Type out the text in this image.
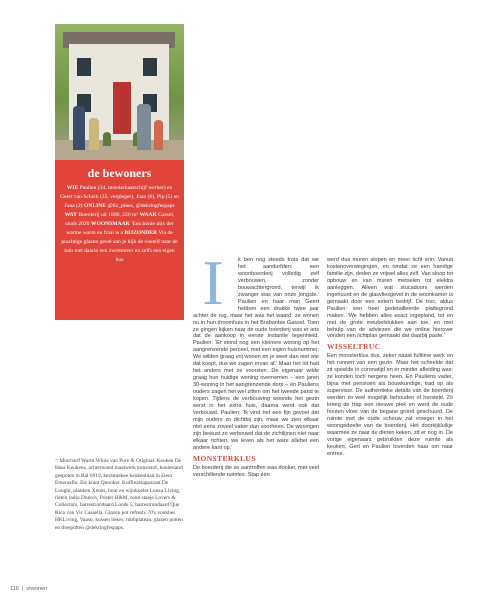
de bewoners

WIE Paulien (34, moederhaarschijf werker) en Geert van Scheik (35, verpleger), Juan (6), Pip (5) en Juna (2) ONLINE @liz_pines, @dekringfespaps WAT Boerderij uit 1890, 220 m² WAAR Gassel, sinds 2020 WOONSMAAK 'Een bonte mix der warme warm en fraai is a BIJZONDER Via de prachtige glazen gevel aan je kijk de voetelf naar de tuin met daarin een zwemmeer en zelfs een eigen bos

< Muurverf Warm White van Pure & Original. Keuken De Haar Keukens, achterwand maatwerk kunststof, koelestand gespoten in Ral 6019, keramiekee keukenblad in kleur Emeraaflo. Ets krant Quooker. Koffiezetapparaat De Longhi, planken Xenos, hout en wijnkoelet Lonza Living, rieten radio Dnnrov, Poster H&M, rond staeje Lovers & Collectors, barrestrondaard Loods 5, barrestrondaard Que Rico van Vic Cassella. Glazen pot refresh, 70's vonkhes HKLiving, Vaasn, kussen beker, rubbplateau, glazen potten en theepotten @dekringfespaps.

I	k ben nog steeds trots dat we het aandurfden: een woonboerderij volledig zelf verbouwen, zonder bouwachtergrond, terwijl ik zwanger was van onze jongste.' Paulien en haar man Geert hebben een drukke twee jaar achter de rug, maar het was het waard: ze wonen nu in hun droomhuis in het Brabantse Gassel. Toen ze gingen kijken naar de oude boerderij was er iets dat de aankoop in eerste instantie tegenhield. Paulien: 'Er stond nog een kleinere woning op het aangrenzende perceel, met een eigen huisnummer. We wilden graag vrij wonen en je weet dan niet wie dat koopt, dus we zagen ervan af.' Maar het lot had het anders met ze voorzien. De eigenaar wilde graag hun huidige woning overnemen – een jaren 30-woning in het aangrenzende dorp – én Pauliens ouders zagen het wel zitten om het tweede pand te kopen. Tijdens de verbouwing woonde het gezin eerst in het extra huis, daarna werd ook dat verbouwd. Paulien: 'Ik vind het een fijn gevoel dat mijn ouders zo dichtbij zijn, maar we zien elkaar niet eens zoveel vaker dan voorheen. De woningen zijn bewust zo verbouwd dat de zichtlijnen niet naar elkaar richten, we leven als het ware allebei een andere kant op.'

MONSTERKLUS

De boerderij die ze aantroffen was donker, met veel verschillende ruimtes. Stap één

werd dus muren slopen en meer licht erin. Vanuit kostenoverwegingen, en omdat ze een handige familie zijn, deden ze vrijwel alles zelf. Van sloop tot opbouw en van muren metselen tot elektra aanleggen. Alleen wat stucadoors werden ingehuurd en de glasvliesgevel in de woonkamer is gemaakt door een extern bedrijf. De truc, aldus Paulien: een heel gedetailleerde plattegrond maken. 'We hebben alles exact ingepland, tot en met de grote meubelstukken aan toe, en met behulp van de adviezen die we online hierover vonden een lichtplan gemaakt dat daarbij paste.'

WISSELTRUC

Een monsterklus dus, zeker naast fulltime werk en het runnen van een gezin. Maar het scheelde dat zit speelde in coronatijd en er minder afleiding was: ze konden toch nergens heen. En Pauliens vader, bijna met pensioen als bouwkundige, trad op als supervisor. De authentieke details van de boerderij werden zo veel mogelijk behouden of hersteld. Zo kreeg de trap een nieuwe plek en werd de oude houten vloer van de begane grond geschuurd. De ruimte met de oude schouw zat vroeger in het woongedeelte van de boerderij. Het doorkijkluikje waarmee ze naar de dieren keken, zit er nog in. De vorige eigenaars gebruikten deze ruimte als keuken, Gert en Paulien toverden haar om naar entree.

116 | vtwonen
